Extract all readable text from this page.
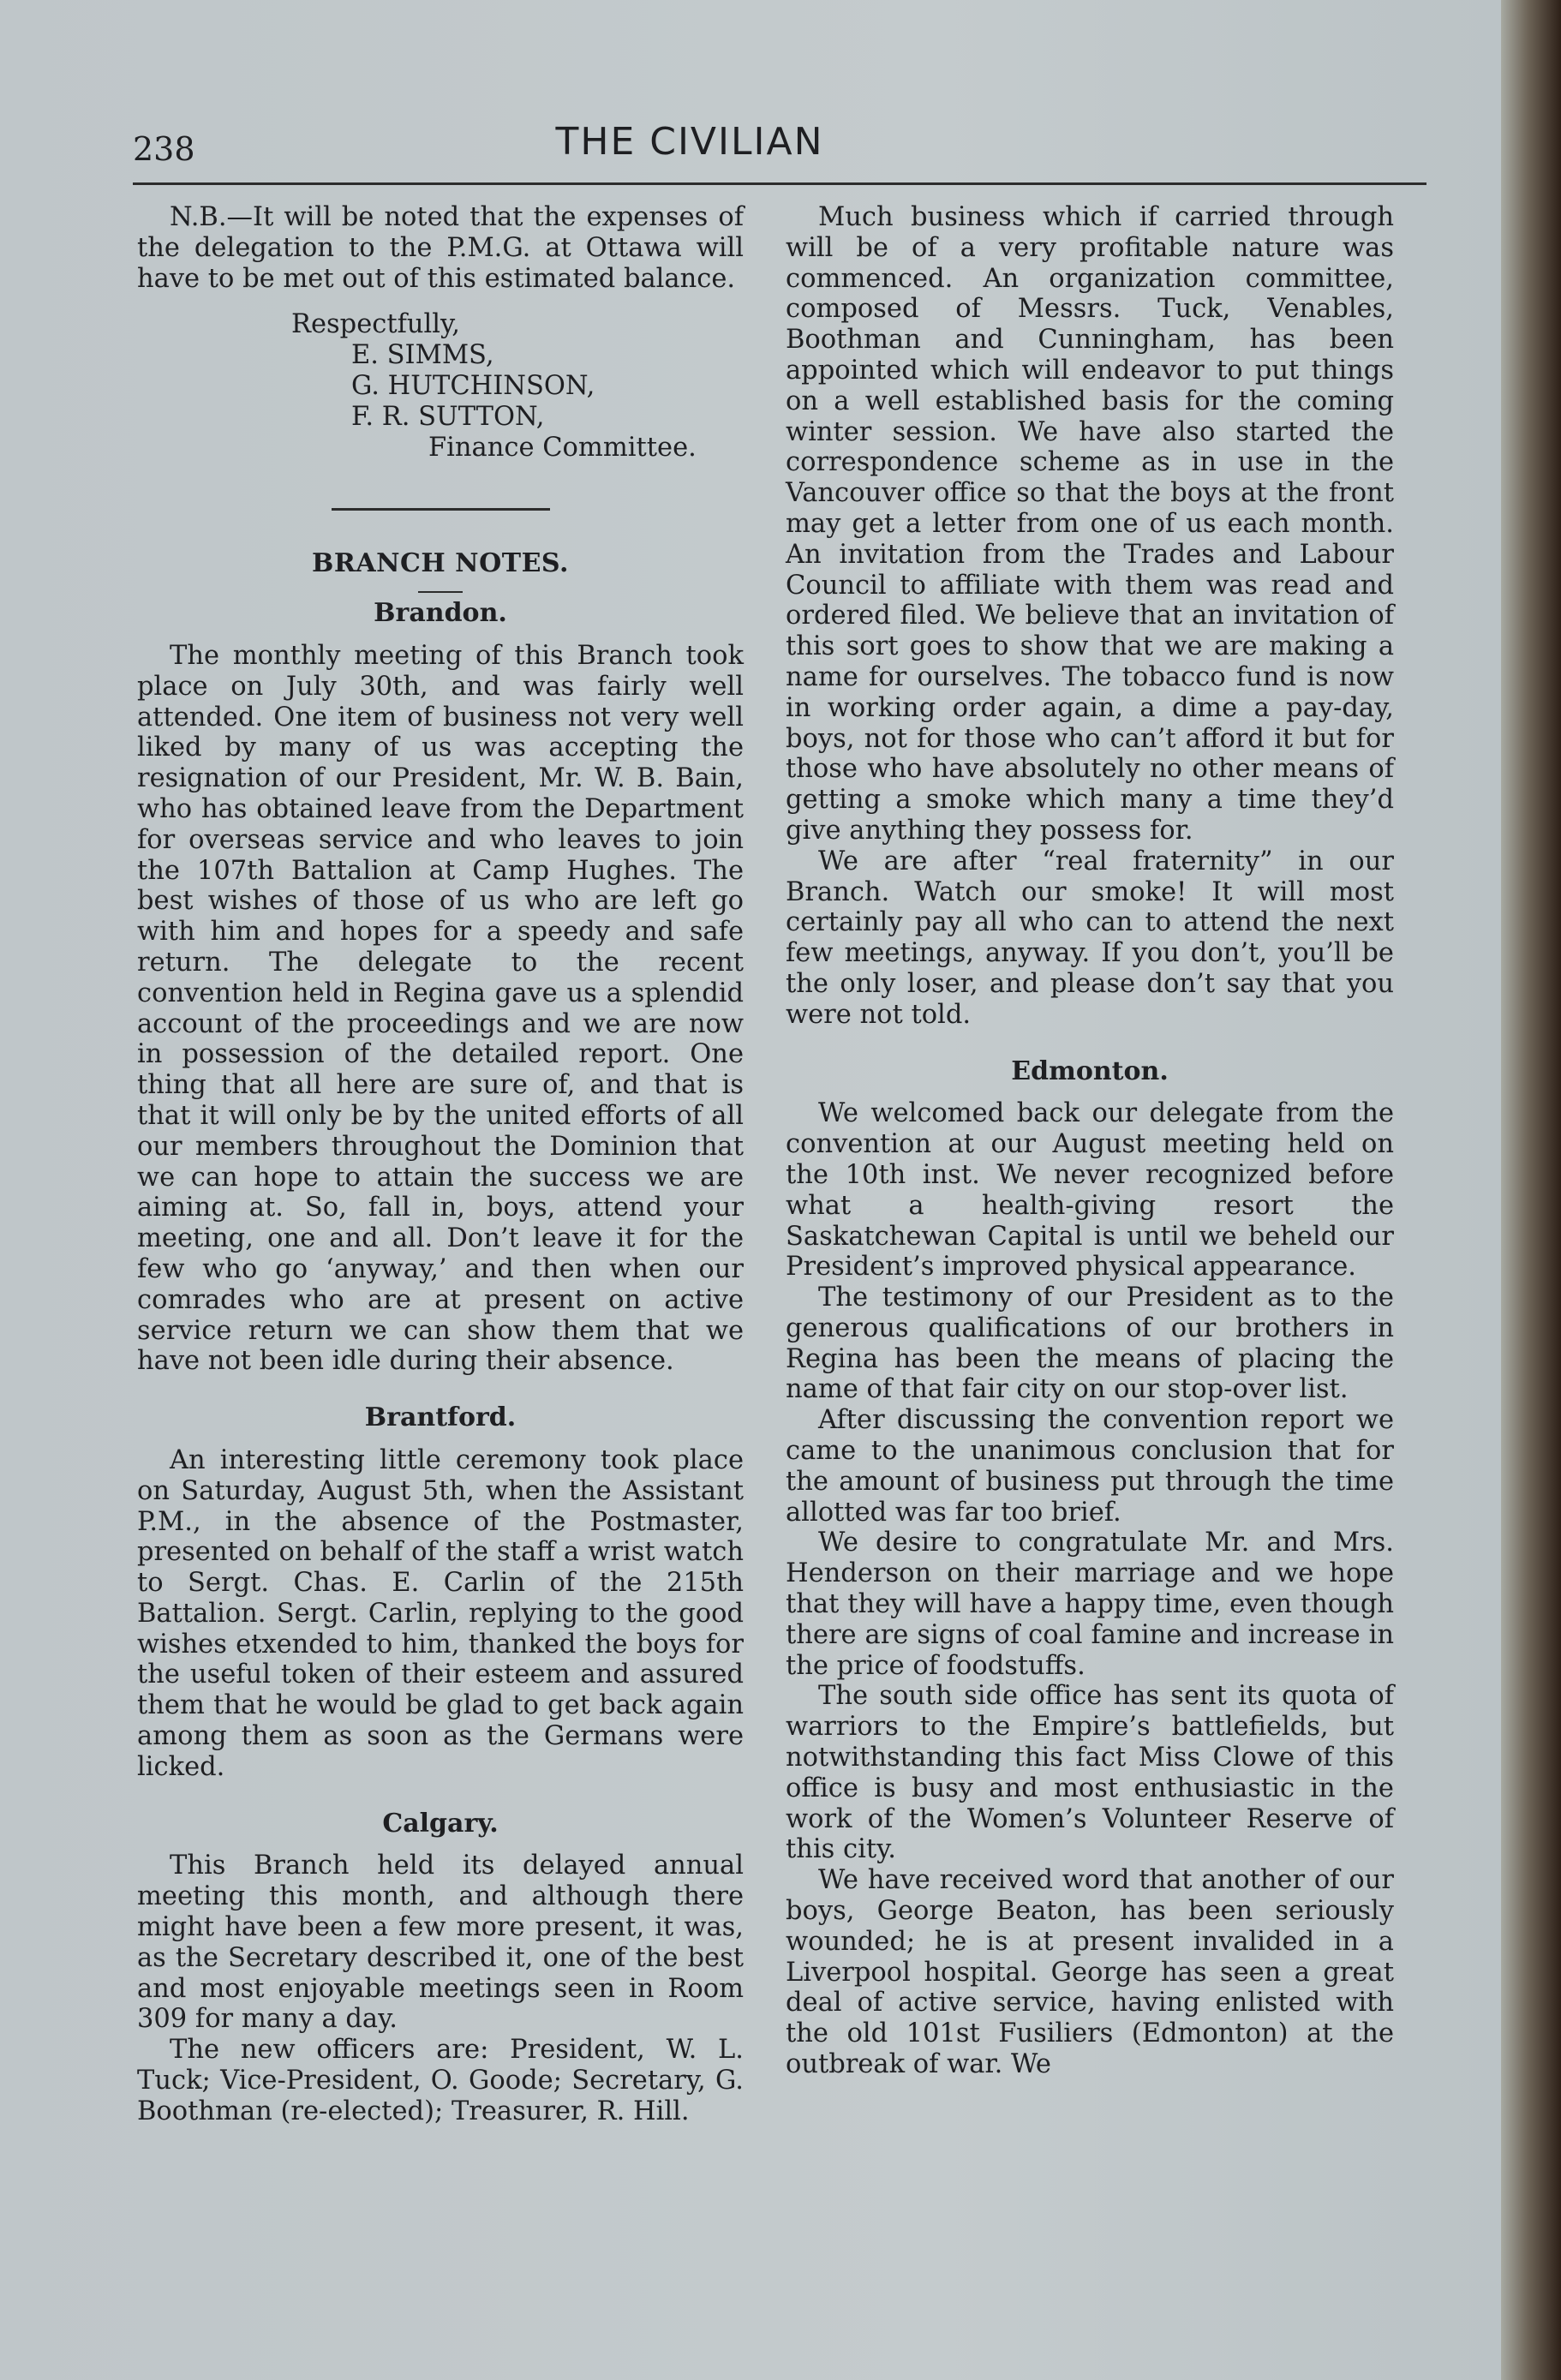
238	THE CIVILIAN

N.B.—It will be noted that the expenses of the delegation to the P.M.G. at Ottawa will have to be met out of this estimated balance.

Respectfully,
E. SIMMS,
G. HUTCHINSON,
F. R. SUTTON,
Finance Committee.
BRANCH NOTES.
Brandon.

The monthly meeting of this Branch took place on July 30th, and was fairly well attended. One item of business not very well liked by many of us was accepting the resignation of our President, Mr. W. B. Bain, who has obtained leave from the Department for overseas service and who leaves to join the 107th Battalion at Camp Hughes. The best wishes of those of us who are left go with him and hopes for a speedy and safe return. The delegate to the recent convention held in Regina gave us a splendid account of the proceedings and we are now in possession of the detailed report. One thing that all here are sure of, and that is that it will only be by the united efforts of all our members throughout the Dominion that we can hope to attain the success we are aiming at. So, fall in, boys, attend your meeting, one and all. Don’t leave it for the few who go ‘anyway,’ and then when our comrades who are at present on active service return we can show them that we have not been idle during their absence.

Brantford.

An interesting little ceremony took place on Saturday, August 5th, when the Assistant P.M., in the absence of the Postmaster, presented on behalf of the staff a wrist watch to Sergt. Chas. E. Carlin of the 215th Battalion. Sergt. Carlin, replying to the good wishes etxended to him, thanked the boys for the useful token of their esteem and assured them that he would be glad to get back again among them as soon as the Germans were licked.

Calgary.

This Branch held its delayed annual meeting this month, and although there might have been a few more present, it was, as the Secretary described it, one of the best and most enjoyable meetings seen in Room 309 for many a day.

The new officers are: President, W. L. Tuck; Vice-President, O. Goode; Secretary, G. Boothman (re-elected); Treasurer, R. Hill.

Much business which if carried through will be of a very profitable nature was commenced. An organization committee, composed of Messrs. Tuck, Venables, Boothman and Cunningham, has been appointed which will endeavor to put things on a well established basis for the coming winter session. We have also started the correspondence scheme as in use in the Vancouver office so that the boys at the front may get a letter from one of us each month. An invitation from the Trades and Labour Council to affiliate with them was read and ordered filed. We believe that an invitation of this sort goes to show that we are making a name for ourselves. The tobacco fund is now in working order again, a dime a pay-day, boys, not for those who can’t afford it but for those who have absolutely no other means of getting a smoke which many a time they’d give anything they possess for.

We are after “real fraternity” in our Branch. Watch our smoke! It will most certainly pay all who can to attend the next few meetings, anyway. If you don’t, you’ll be the only loser, and please don’t say that you were not told.

Edmonton.

We welcomed back our delegate from the convention at our August meeting held on the 10th inst. We never recognized before what a health-giving resort the Saskatchewan Capital is until we beheld our President’s improved physical appearance.

The testimony of our President as to the generous qualifications of our brothers in Regina has been the means of placing the name of that fair city on our stop-over list.

After discussing the convention report we came to the unanimous conclusion that for the amount of business put through the time allotted was far too brief.

We desire to congratulate Mr. and Mrs. Henderson on their marriage and we hope that they will have a happy time, even though there are signs of coal famine and increase in the price of foodstuffs.

The south side office has sent its quota of warriors to the Empire’s battlefields, but notwithstanding this fact Miss Clowe of this office is busy and most enthusiastic in the work of the Women’s Volunteer Reserve of this city.

We have received word that another of our boys, George Beaton, has been seriously wounded; he is at present invalided in a Liverpool hospital. George has seen a great deal of active service, having enlisted with the old 101st Fusiliers (Edmonton) at the outbreak of war. We
